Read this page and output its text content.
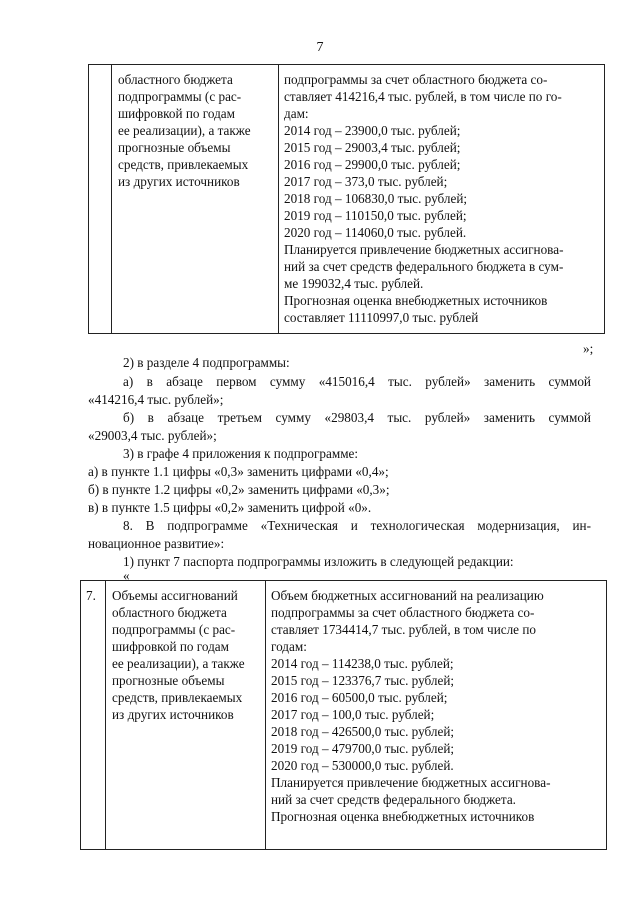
7
областного бюджета
подпрограммы (с рас-
шифровкой по годам
ее реализации), а также
прогнозные объемы
средств, привлекаемых
из других источников
подпрограммы за счет областного бюджета со-
ставляет 414216,4 тыс. рублей, в том числе по го-
дам:
2014 год – 23900,0 тыс. рублей;
2015 год – 29003,4 тыс. рублей;
2016 год – 29900,0 тыс. рублей;
2017 год – 373,0 тыс. рублей;
2018 год – 106830,0 тыс. рублей;
2019 год – 110150,0 тыс. рублей;
2020 год – 114060,0 тыс. рублей.
Планируется привлечение бюджетных ассигнова-
ний за счет средств федерального бюджета в сум-
ме 199032,4 тыс. рублей.
Прогнозная оценка внебюджетных источников
составляет 11110997,0 тыс. рублей
»;
2) в разделе 4 подпрограммы:
а) в абзаце первом сумму «415016,4 тыс. рублей» заменить суммой
«414216,4 тыс. рублей»;
б) в абзаце третьем сумму «29803,4 тыс. рублей» заменить суммой
«29003,4 тыс. рублей»;
3) в графе 4 приложения к подпрограмме:
а) в пункте 1.1 цифры «0,3» заменить цифрами «0,4»;
б) в пункте 1.2 цифры «0,2» заменить цифрами «0,3»;
в) в пункте 1.5 цифры «0,2» заменить цифрой «0».
8. В подпрограмме «Техническая и технологическая модернизация, ин-
новационное развитие»:
1) пункт 7 паспорта подпрограммы изложить в следующей редакции:
«
7. Объемы ассигнований
областного бюджета
подпрограммы (с рас-
шифровкой по годам
ее реализации), а также
прогнозные объемы
средств, привлекаемых
из других источников
Объем бюджетных ассигнований на реализацию
подпрограммы за счет областного бюджета со-
ставляет 1734414,7 тыс. рублей, в том числе по
годам:
2014 год – 114238,0 тыс. рублей;
2015 год – 123376,7 тыс. рублей;
2016 год – 60500,0 тыс. рублей;
2017 год – 100,0 тыс. рублей;
2018 год – 426500,0 тыс. рублей;
2019 год – 479700,0 тыс. рублей;
2020 год – 530000,0 тыс. рублей.
Планируется привлечение бюджетных ассигнова-
ний за счет средств федерального бюджета.
Прогнозная оценка внебюджетных источников
